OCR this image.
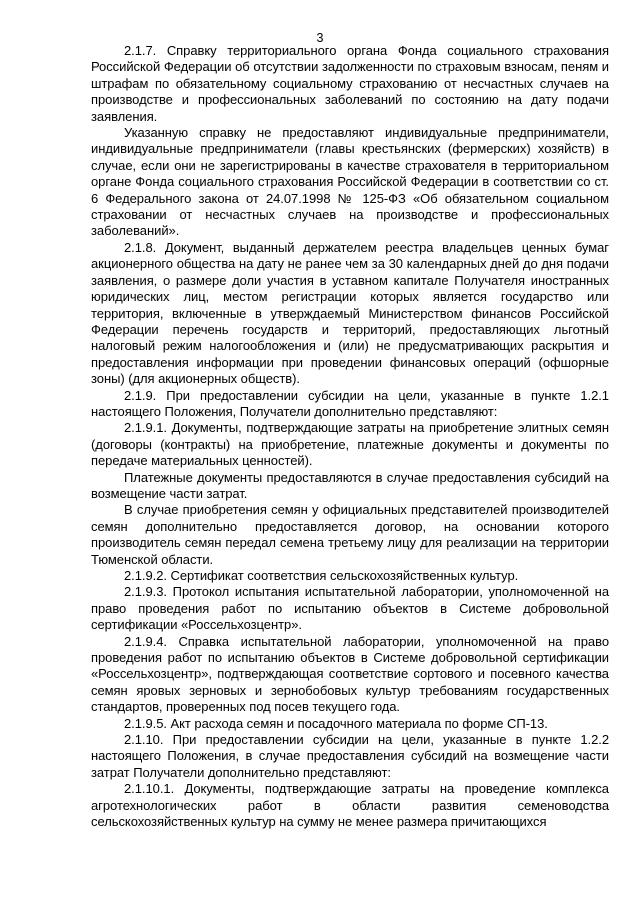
3

2.1.7. Справку территориального органа Фонда социального страхования Российской Федерации об отсутствии задолженности по страховым взносам, пеням и штрафам по обязательному социальному страхованию от несчастных случаев на производстве и профессиональных заболеваний по состоянию на дату подачи заявления.

Указанную справку не предоставляют индивидуальные предприниматели, индивидуальные предприниматели (главы крестьянских (фермерских) хозяйств) в случае, если они не зарегистрированы в качестве страхователя в территориальном органе Фонда социального страхования Российской Федерации в соответствии со ст. 6 Федерального закона от 24.07.1998 № 125-ФЗ «Об обязательном социальном страховании от несчастных случаев на производстве и профессиональных заболеваний».

2.1.8. Документ, выданный держателем реестра владельцев ценных бумаг акционерного общества на дату не ранее чем за 30 календарных дней до дня подачи заявления, о размере доли участия в уставном капитале Получателя иностранных юридических лиц, местом регистрации которых является государство или территория, включенные в утверждаемый Министерством финансов Российской Федерации перечень государств и территорий, предоставляющих льготный налоговый режим налогообложения и (или) не предусматривающих раскрытия и предоставления информации при проведении финансовых операций (офшорные зоны) (для акционерных обществ).

2.1.9. При предоставлении субсидии на цели, указанные в пункте 1.2.1 настоящего Положения, Получатели дополнительно представляют:

2.1.9.1. Документы, подтверждающие затраты на приобретение элитных семян (договоры (контракты) на приобретение, платежные документы и документы по передаче материальных ценностей).

Платежные документы предоставляются в случае предоставления субсидий на возмещение части затрат.

В случае приобретения семян у официальных представителей производителей семян дополнительно предоставляется договор, на основании которого производитель семян передал семена третьему лицу для реализации на территории Тюменской области.

2.1.9.2. Сертификат соответствия сельскохозяйственных культур.

2.1.9.3. Протокол испытания испытательной лаборатории, уполномоченной на право проведения работ по испытанию объектов в Системе добровольной сертификации «Россельхозцентр».

2.1.9.4. Справка испытательной лаборатории, уполномоченной на право проведения работ по испытанию объектов в Системе добровольной сертификации «Россельхозцентр», подтверждающая соответствие сортового и посевного качества семян яровых зерновых и зернобобовых культур требованиям государственных стандартов, проверенных под посев текущего года.

2.1.9.5. Акт расхода семян и посадочного материала по форме СП-13.

2.1.10. При предоставлении субсидии на цели, указанные в пункте 1.2.2 настоящего Положения, в случае предоставления субсидий на возмещение части затрат Получатели дополнительно представляют:

2.1.10.1. Документы, подтверждающие затраты на проведение комплекса агротехнологических работ в области развития семеноводства сельскохозяйственных культур на сумму не менее размера причитающихся
